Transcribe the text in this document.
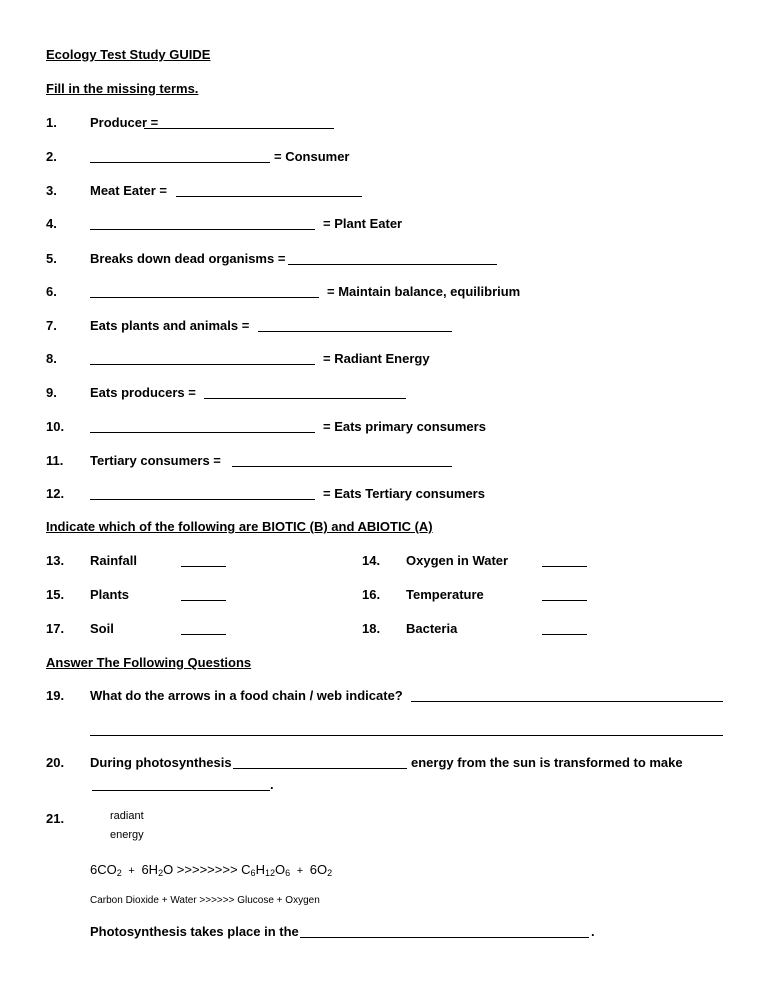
Ecology Test Study GUIDE
Fill in the missing terms.
1.	Producer =
2.	= Consumer
3.	Meat Eater =
4.	= Plant Eater
5.	Breaks down dead organisms =
6.	= Maintain balance, equilibrium
7.	Eats plants and animals =
8.	= Radiant Energy
9.	Eats producers =
10.	= Eats primary consumers
11. Tertiary consumers =
12.	= Eats Tertiary consumers
Indicate which of the following are BIOTIC (B) and ABIOTIC (A)
13. Rainfall	14. Oxygen in Water
15. Plants	16. Temperature
17. Soil	18. Bacteria
Answer The Following Questions
19. What do the arrows in a food chain / web indicate?
20. During photosynthesis	energy from the sun is transformed to make
.
21.	radiant
energy
$6CO_2 + 6H_2O$ >>>>>>>> $C_6H_{12}O_6 + 6O_2$
Carbon Dioxide + Water >>>>>> Glucose + Oxygen
Photosynthesis takes place in the	.
